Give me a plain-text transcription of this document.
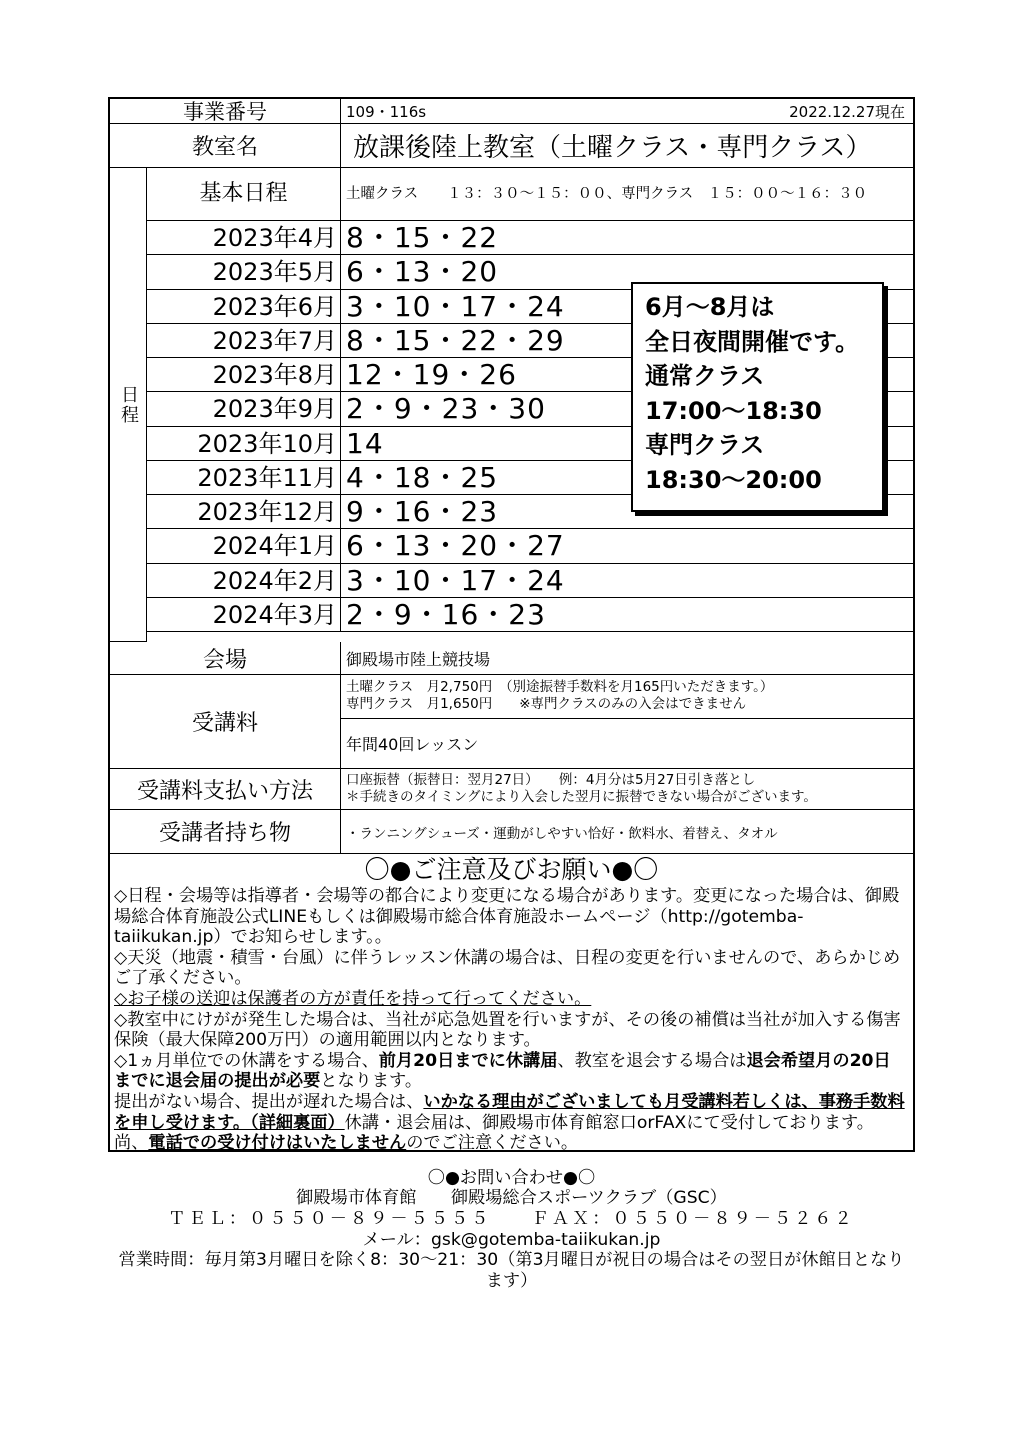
事業番号	109・116s	2022.12.27現在
教室名	放課後陸上教室（土曜クラス・専門クラス）
日程
基本日程	土曜クラス　　１３：３０～１５：００、専門クラス　１５：００～１６：３０
2023年4月 8・15・22
2023年5月 6・13・20
2023年6月 3・10・17・24
2023年7月 8・15・22・29
2023年8月 12・19・26
2023年9月 2・9・23・30
2023年10月 14
2023年11月 4・18・25
2023年12月 9・16・23
2024年1月 6・13・20・27
2024年2月 3・10・17・24
2024年3月 2・9・16・23
会場	御殿場市陸上競技場
受講料
土曜クラス　月2,750円　（別途振替手数料を月165円いただきます。）
専門クラス　月1,650円　　※専門クラスのみの入会はできません
年間40回レッスン
受講料支払い方法	口座振替（振替日：翌月27日）　　例：4月分は5月27日引き落とし
＊手続きのタイミングにより入会した翌月に振替できない場合がございます。
受講者持ち物	・ランニングシューズ・運動がしやすい恰好・飲料水、着替え、タオル
〇●ご注意及びお願い●〇
◇日程・会場等は指導者・会場等の都合により変更になる場合があります。変更になった場合は、御殿場総合体育施設公式LINEもしくは御殿場市総合体育施設ホームページ（http://gotemba-taiikukan.jp）でお知らせします。。
◇天災（地震・積雪・台風）に伴うレッスン休講の場合は、日程の変更を行いませんので、あらかじめご了承ください。
◇お子様の送迎は保護者の方が責任を持って行ってください。
◇教室中にけがが発生した場合は、当社が応急処置を行いますが、その後の補償は当社が加入する傷害保険（最大保障200万円）の適用範囲以内となります。
◇1ヵ月単位での休講をする場合、前月20日までに休講届、教室を退会する場合は退会希望月の20日までに退会届の提出が必要となります。
提出がない場合、提出が遅れた場合は、いかなる理由がございましても月受講料若しくは、事務手数料を申し受けます。（詳細裏面）休講・退会届は、御殿場市体育館窓口orFAXにて受付しております。尚、電話での受け付けはいたしませんのでご注意ください。
〇●お問い合わせ●〇
御殿場市体育館　　御殿場総合スポーツクラブ（GSC）
ＴＥＬ：０５５０－８９－５５５５　　ＦＡＸ：０５５０－８９－５２６２
メール：gsk@gotemba-taiikukan.jp
営業時間：毎月第3月曜日を除く8：30～21：30（第3月曜日が祝日の場合はその翌日が休館日となります）
6月～8月は
全日夜間開催です。
通常クラス
17:00～18:30
専門クラス
18:30～20:00
